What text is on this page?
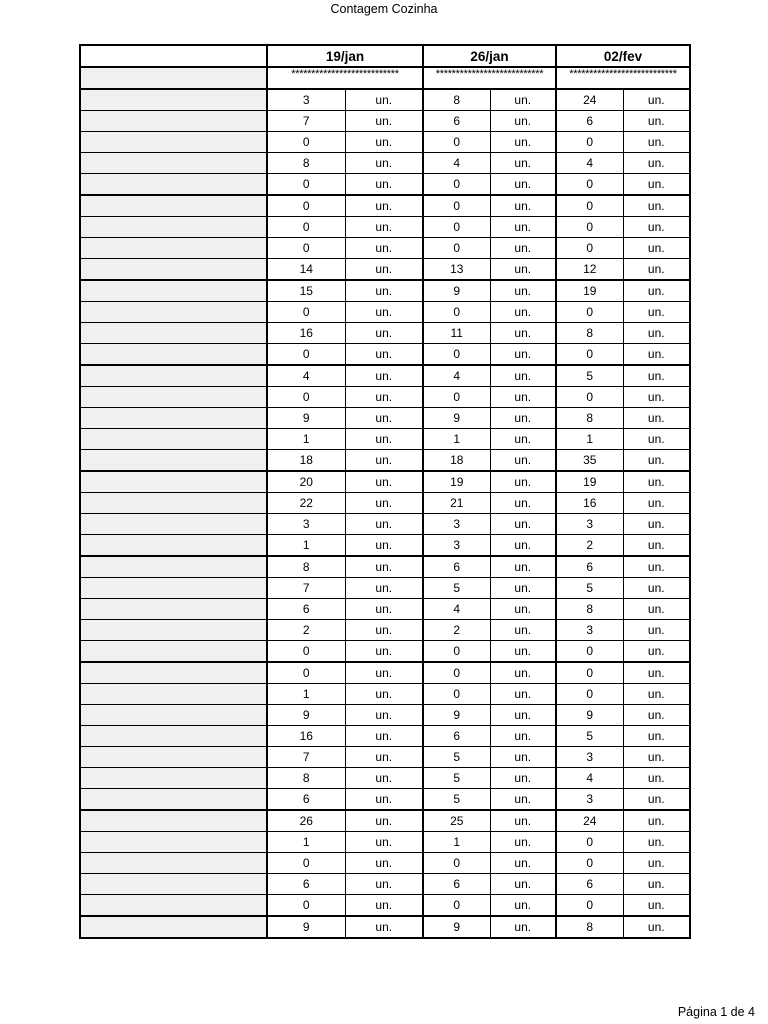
Contagem Cozinha
	19/jan		26/jan		02/fev	
	***************************		***************************		***************************	
	3	un.	8	un.	24	un.
	7	un.	6	un.	6	un.
	0	un.	0	un.	0	un.
	8	un.	4	un.	4	un.
	0	un.	0	un.	0	un.
	0	un.	0	un.	0	un.
	0	un.	0	un.	0	un.
	0	un.	0	un.	0	un.
	14	un.	13	un.	12	un.
	15	un.	9	un.	19	un.
	0	un.	0	un.	0	un.
	16	un.	11	un.	8	un.
	0	un.	0	un.	0	un.
	4	un.	4	un.	5	un.
	0	un.	0	un.	0	un.
	9	un.	9	un.	8	un.
	1	un.	1	un.	1	un.
	18	un.	18	un.	35	un.
	20	un.	19	un.	19	un.
	22	un.	21	un.	16	un.
	3	un.	3	un.	3	un.
	1	un.	3	un.	2	un.
	8	un.	6	un.	6	un.
	7	un.	5	un.	5	un.
	6	un.	4	un.	8	un.
	2	un.	2	un.	3	un.
	0	un.	0	un.	0	un.
	0	un.	0	un.	0	un.
	1	un.	0	un.	0	un.
	9	un.	9	un.	9	un.
	16	un.	6	un.	5	un.
	7	un.	5	un.	3	un.
	8	un.	5	un.	4	un.
	6	un.	5	un.	3	un.
	26	un.	25	un.	24	un.
	1	un.	1	un.	0	un.
	0	un.	0	un.	0	un.
	6	un.	6	un.	6	un.
	0	un.	0	un.	0	un.
	9	un.	9	un.	8	un.
Página 1 de 4
